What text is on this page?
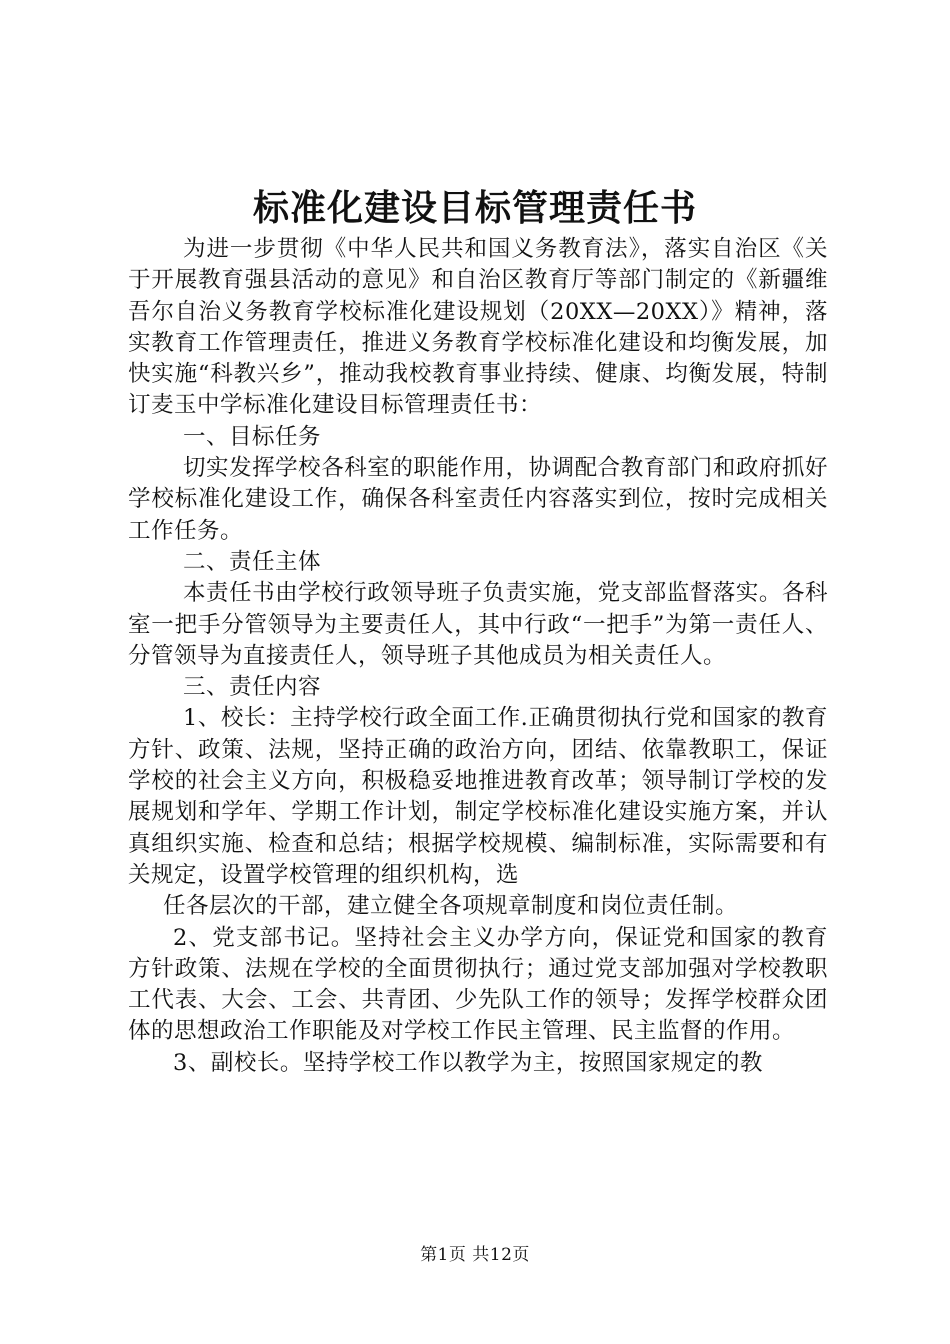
标准化建设目标管理责任书

为进一步贯彻《中华人民共和国义务教育法》，落实自治区《关于开展教育强县活动的意见》和自治区教育厅等部门制定的《新疆维吾尔自治义务教育学校标准化建设规划（20XX—20XX）》精神，落实教育工作管理责任，推进义务教育学校标准化建设和均衡发展，加快实施“科教兴乡”，推动我校教育事业持续、健康、均衡发展，特制订麦玉中学标准化建设目标管理责任书：

一、目标任务

切实发挥学校各科室的职能作用，协调配合教育部门和政府抓好学校标准化建设工作，确保各科室责任内容落实到位，按时完成相关工作任务。

二、责任主体

本责任书由学校行政领导班子负责实施，党支部监督落实。各科室一把手分管领导为主要责任人，其中行政“一把手”为第一责任人、分管领导为直接责任人，领导班子其他成员为相关责任人。

三、责任内容

1、校长：主持学校行政全面工作.正确贯彻执行党和国家的教育方针、政策、法规，坚持正确的政治方向，团结、依靠教职工，保证学校的社会主义方向，积极稳妥地推进教育改革；领导制订学校的发展规划和学年、学期工作计划，制定学校标准化建设实施方案，并认真组织实施、检查和总结；根据学校规模、编制标准，实际需要和有关规定，设置学校管理的组织机构，选

任各层次的干部，建立健全各项规章制度和岗位责任制。

2、党支部书记。坚持社会主义办学方向，保证党和国家的教育方针政策、法规在学校的全面贯彻执行；通过党支部加强对学校教职工代表、大会、工会、共青团、少先队工作的领导；发挥学校群众团体的思想政治工作职能及对学校工作民主管理、民主监督的作用。

3、副校长。坚持学校工作以教学为主，按照国家规定的教

第1页 共12页
